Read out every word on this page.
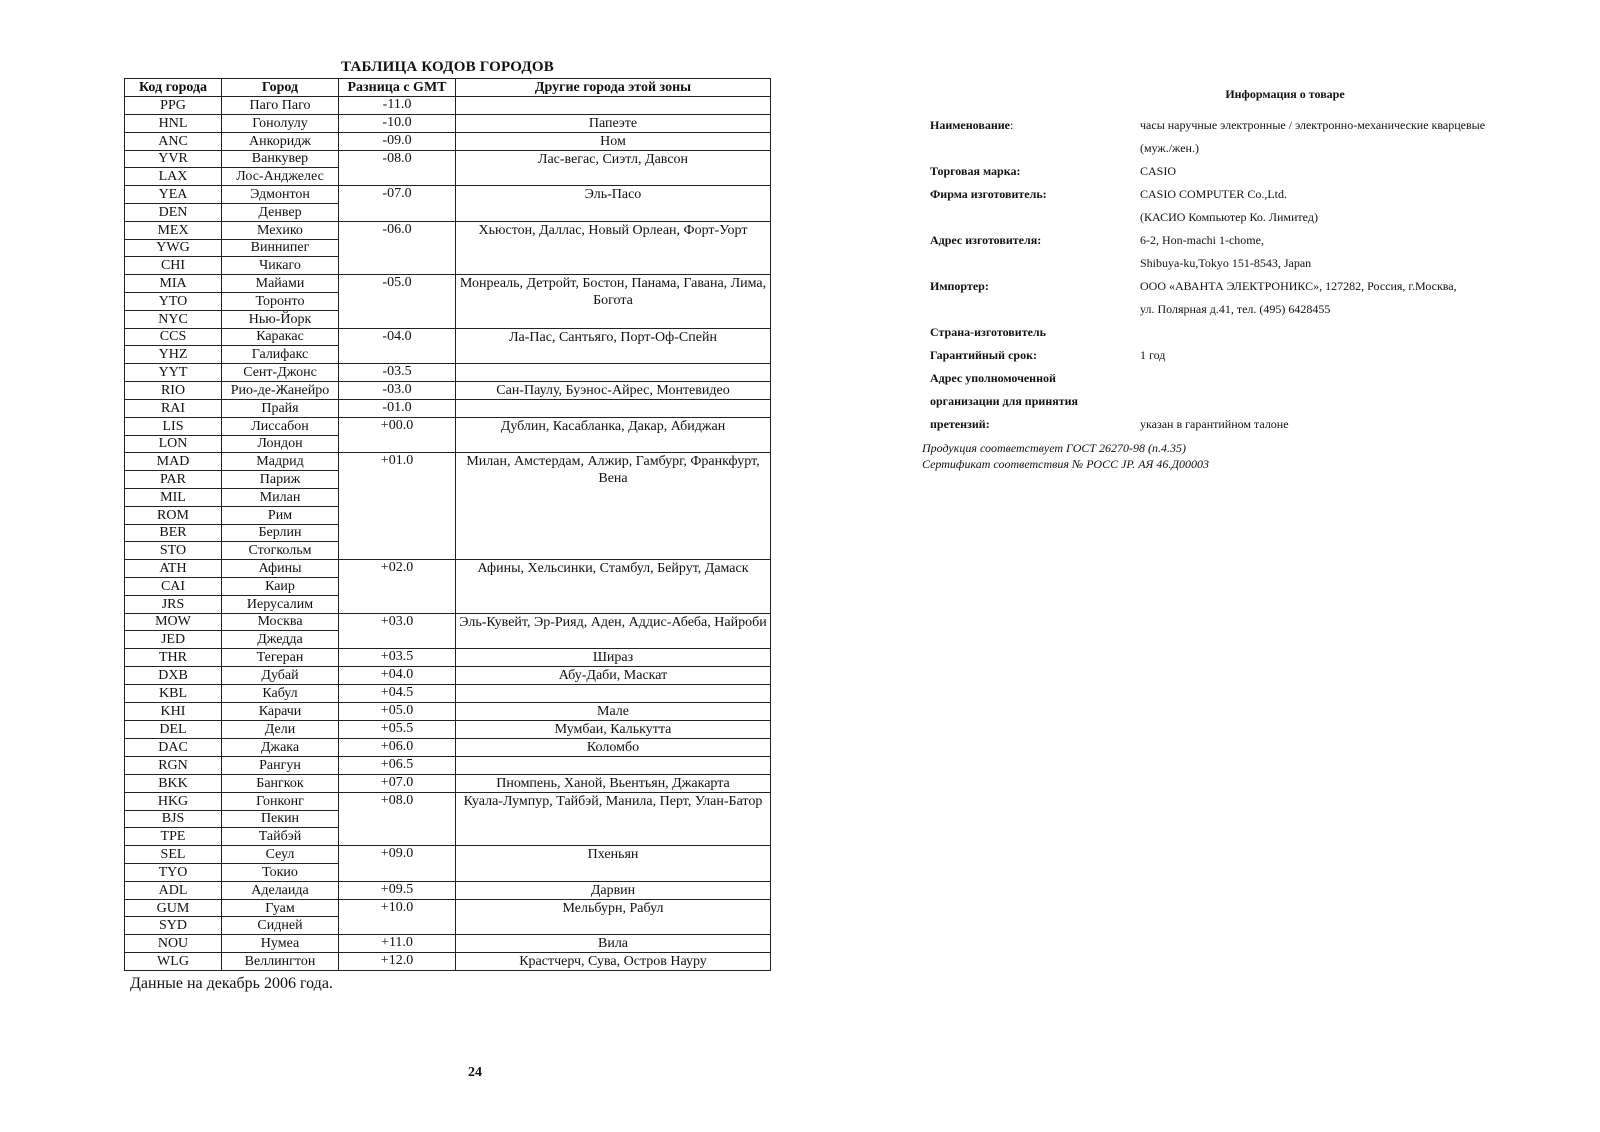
ТАБЛИЦА КОДОВ ГОРОДОВ
Код города	Город	Разница с GMT	Другие города этой зоны
PPG	Паго Паго	-11.0	
HNL	Гонолулу	-10.0	Папеэте
ANC	Анкоридж	-09.0	Ном
YVR	Ванкувер	-08.0	Лас-вегас, Сиэтл, Давсон
LAX	Лос-Анджелес		
YEA	Эдмонтон	-07.0	Эль-Пасо
DEN	Денвер		
MEX	Мехико	-06.0	Хьюстон, Даллас, Новый Орлеан, Форт-Уорт
YWG	Виннипег		
CHI	Чикаго		
MIA	Майами	-05.0	Монреаль, Детройт, Бостон, Панама, Гавана, Лима, Богота
YTO	Торонто		
NYC	Нью-Йорк		
CCS	Каракас	-04.0	Ла-Пас, Сантьяго, Порт-Оф-Спейн
YHZ	Галифакс		
YYT	Сент-Джонс	-03.5	
RIO	Рио-де-Жанейро	-03.0	Сан-Паулу, Буэнос-Айрес, Монтевидео
RAI	Прайя	-01.0	
LIS	Лиссабон	+00.0	Дублин, Касабланка, Дакар, Абиджан
LON	Лондон		
MAD	Мадрид	+01.0	Милан, Амстердам, Алжир, Гамбург, Франкфурт, Вена
PAR	Париж		
MIL	Милан		
ROM	Рим		
BER	Берлин		
STO	Стогкольм		
ATH	Афины	+02.0	Афины, Хельсинки, Стамбул, Бейрут, Дамаск
CAI	Каир		
JRS	Иерусалим		
MOW	Москва	+03.0	Эль-Кувейт, Эр-Рияд, Аден, Аддис-Абеба, Найроби
JED	Джедда		
THR	Тегеран	+03.5	Шираз
DXB	Дубай	+04.0	Абу-Даби, Маскат
KBL	Кабул	+04.5	
KHI	Карачи	+05.0	Мале
DEL	Дели	+05.5	Мумбаи, Калькутта
DAC	Джака	+06.0	Коломбо
RGN	Рангун	+06.5	
BKK	Бангкок	+07.0	Пномпень, Ханой, Вьентьян, Джакарта
HKG	Гонконг	+08.0	Куала-Лумпур, Тайбэй, Манила, Перт, Улан-Батор
BJS	Пекин		
TPE	Тайбэй		
SEL	Сеул	+09.0	Пхеньян
TYO	Токио		
ADL	Аделаида	+09.5	Дарвин
GUM	Гуам	+10.0	Мельбурн, Рабул
SYD	Сидней		
NOU	Нумеа	+11.0	Вила
WLG	Веллингтон	+12.0	Крастчерч, Сува, Остров Науру
Данные на декабрь 2006 года.
24
Информация о товаре
Наименование:	часы наручные электронные / электронно-механические кварцевые
(муж./жен.)
Торговая марка:	CASIO
Фирма изготовитель:	CASIO COMPUTER Co.,Ltd.
(КАСИО Компьютер Ко. Лимитед)
Адрес изготовителя:	6-2, Hon-machi 1-chome,
Shibuya-ku,Tokyo 151-8543, Japan
Импортер:	ООО «АВАНТА ЭЛЕКТРОНИКС», 127282, Россия, г.Москва,
ул. Полярная д.41, тел. (495) 6428455
Страна-изготовитель
Гарантийный срок:	1 год
Адрес уполномоченной
организации для принятия
претензий:	указан в гарантийном талоне
Продукция соответствует ГОСТ 26270-98 (п.4.35)
Сертификат соответствия № РОСС JP. АЯ 46.Д00003
